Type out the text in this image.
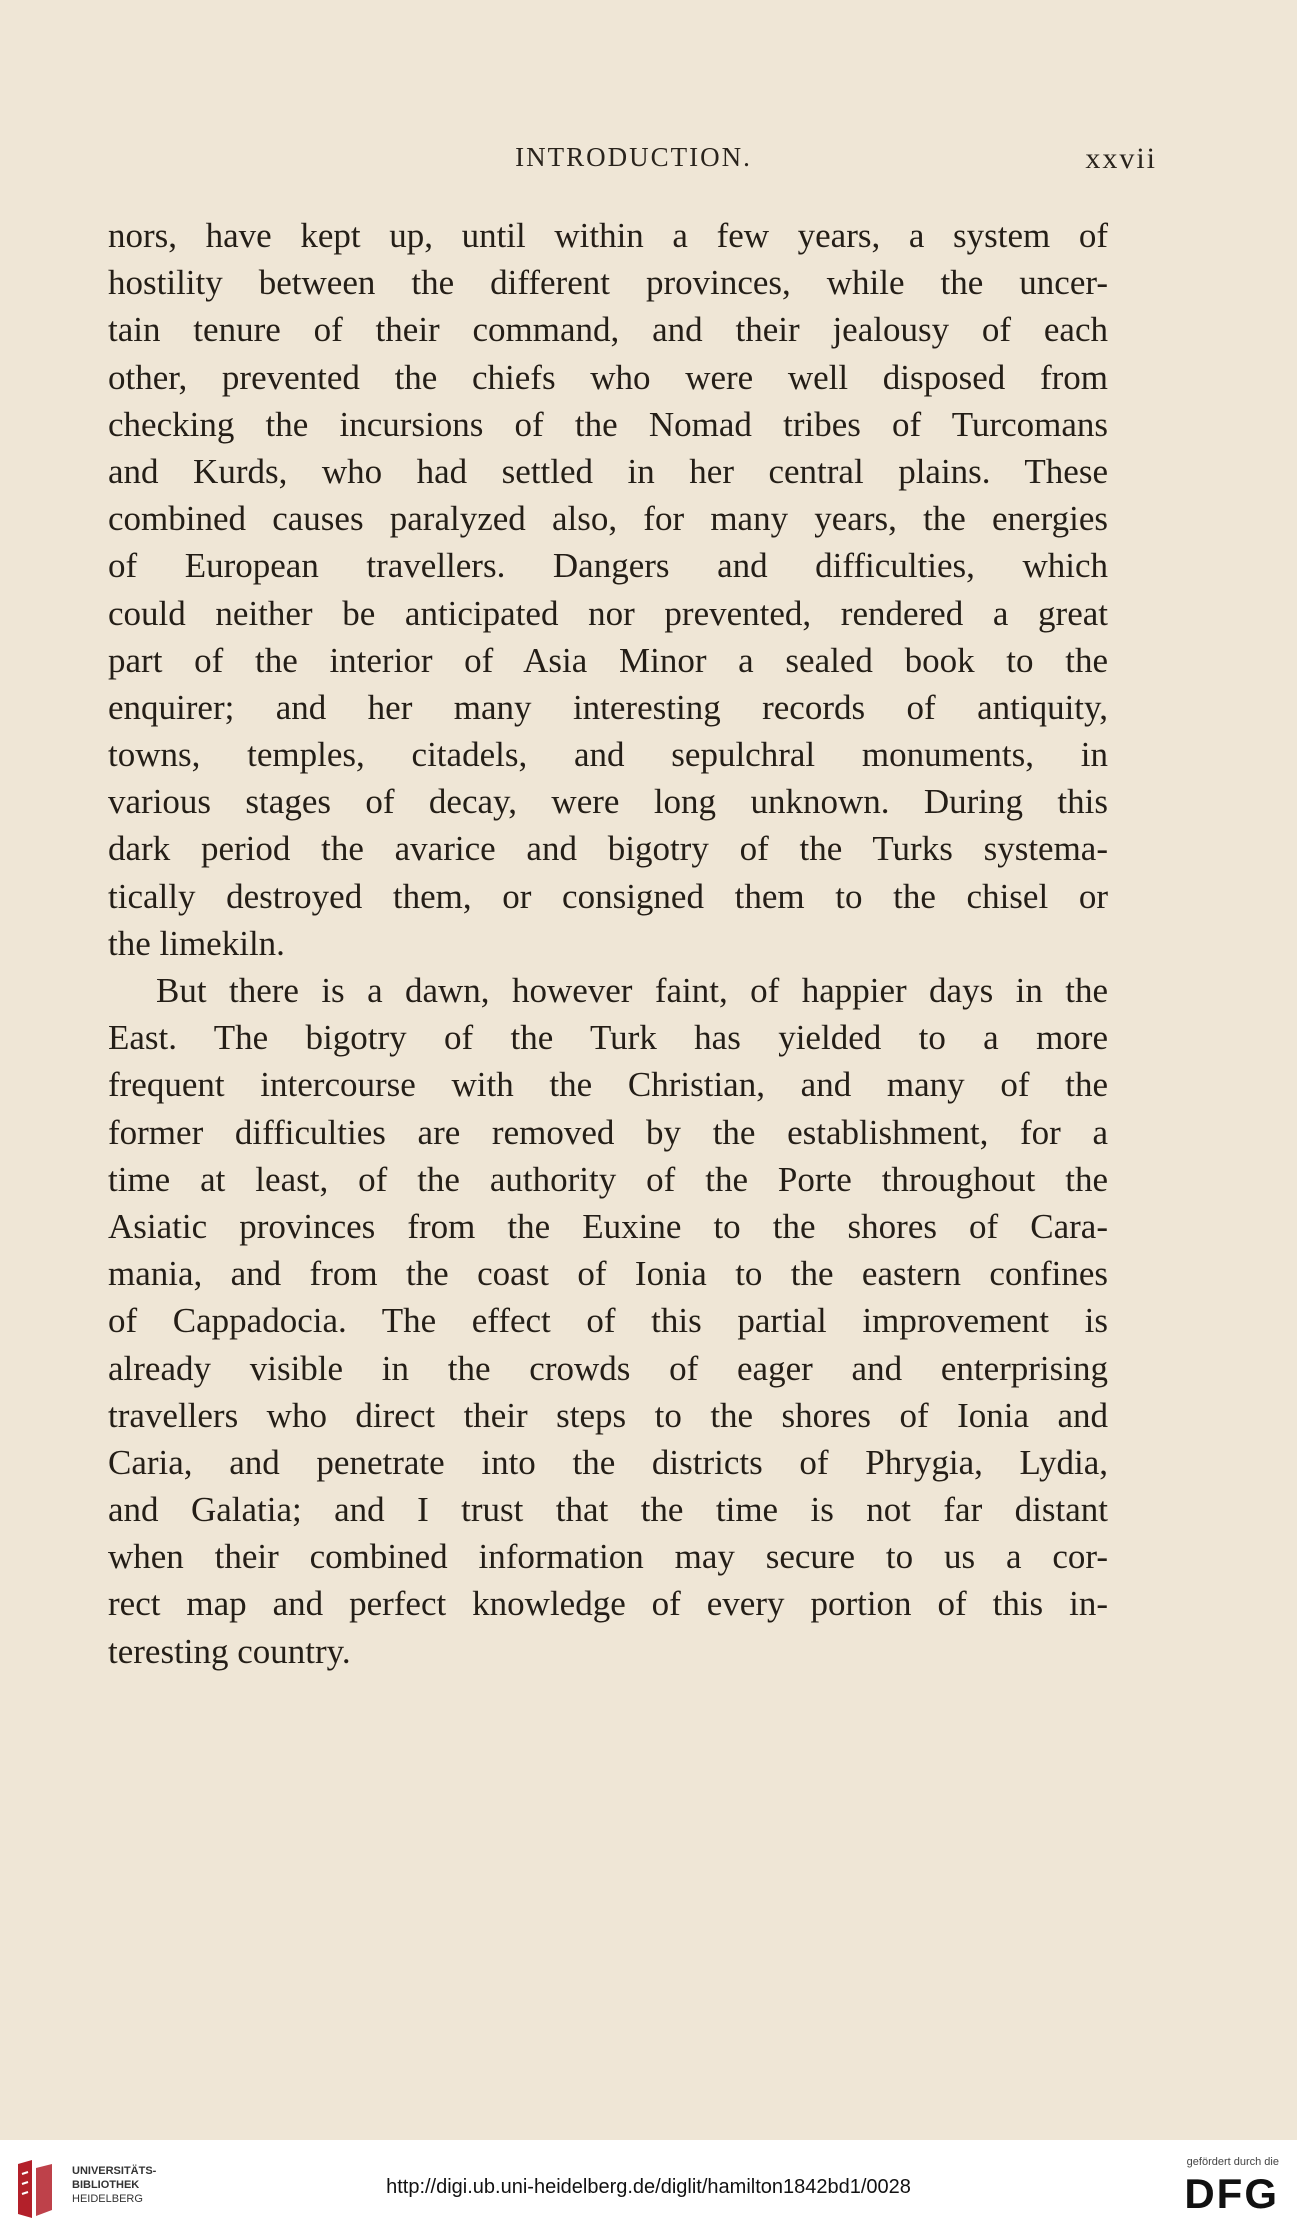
INTRODUCTION.	xxvii
nors, have kept up, until within a few years, a system of
hostility between the different provinces, while the uncer-
tain tenure of their command, and their jealousy of each
other, prevented the chiefs who were well disposed from
checking the incursions of the Nomad tribes of Turcomans
and Kurds, who had settled in her central plains. These
combined causes paralyzed also, for many years, the energies
of European travellers. Dangers and difficulties, which
could neither be anticipated nor prevented, rendered a great
part of the interior of Asia Minor a sealed book to the
enquirer; and her many interesting records of antiquity,
towns, temples, citadels, and sepulchral monuments, in
various stages of decay, were long unknown. During this
dark period the avarice and bigotry of the Turks systema-
tically destroyed them, or consigned them to the chisel or
the limekiln.
But there is a dawn, however faint, of happier days in the
East. The bigotry of the Turk has yielded to a more
frequent intercourse with the Christian, and many of the
former difficulties are removed by the establishment, for a
time at least, of the authority of the Porte throughout the
Asiatic provinces from the Euxine to the shores of Cara-
mania, and from the coast of Ionia to the eastern confines
of Cappadocia. The effect of this partial improvement is
already visible in the crowds of eager and enterprising
travellers who direct their steps to the shores of Ionia and
Caria, and penetrate into the districts of Phrygia, Lydia,
and Galatia; and I trust that the time is not far distant
when their combined information may secure to us a cor-
rect map and perfect knowledge of every portion of this in-
teresting country.
UNIVERSITÄTS-
BIBLIOTHEK
HEIDELBERG
http://digi.ub.uni-heidelberg.de/diglit/hamilton1842bd1/0028
gefördert durch die
DFG
